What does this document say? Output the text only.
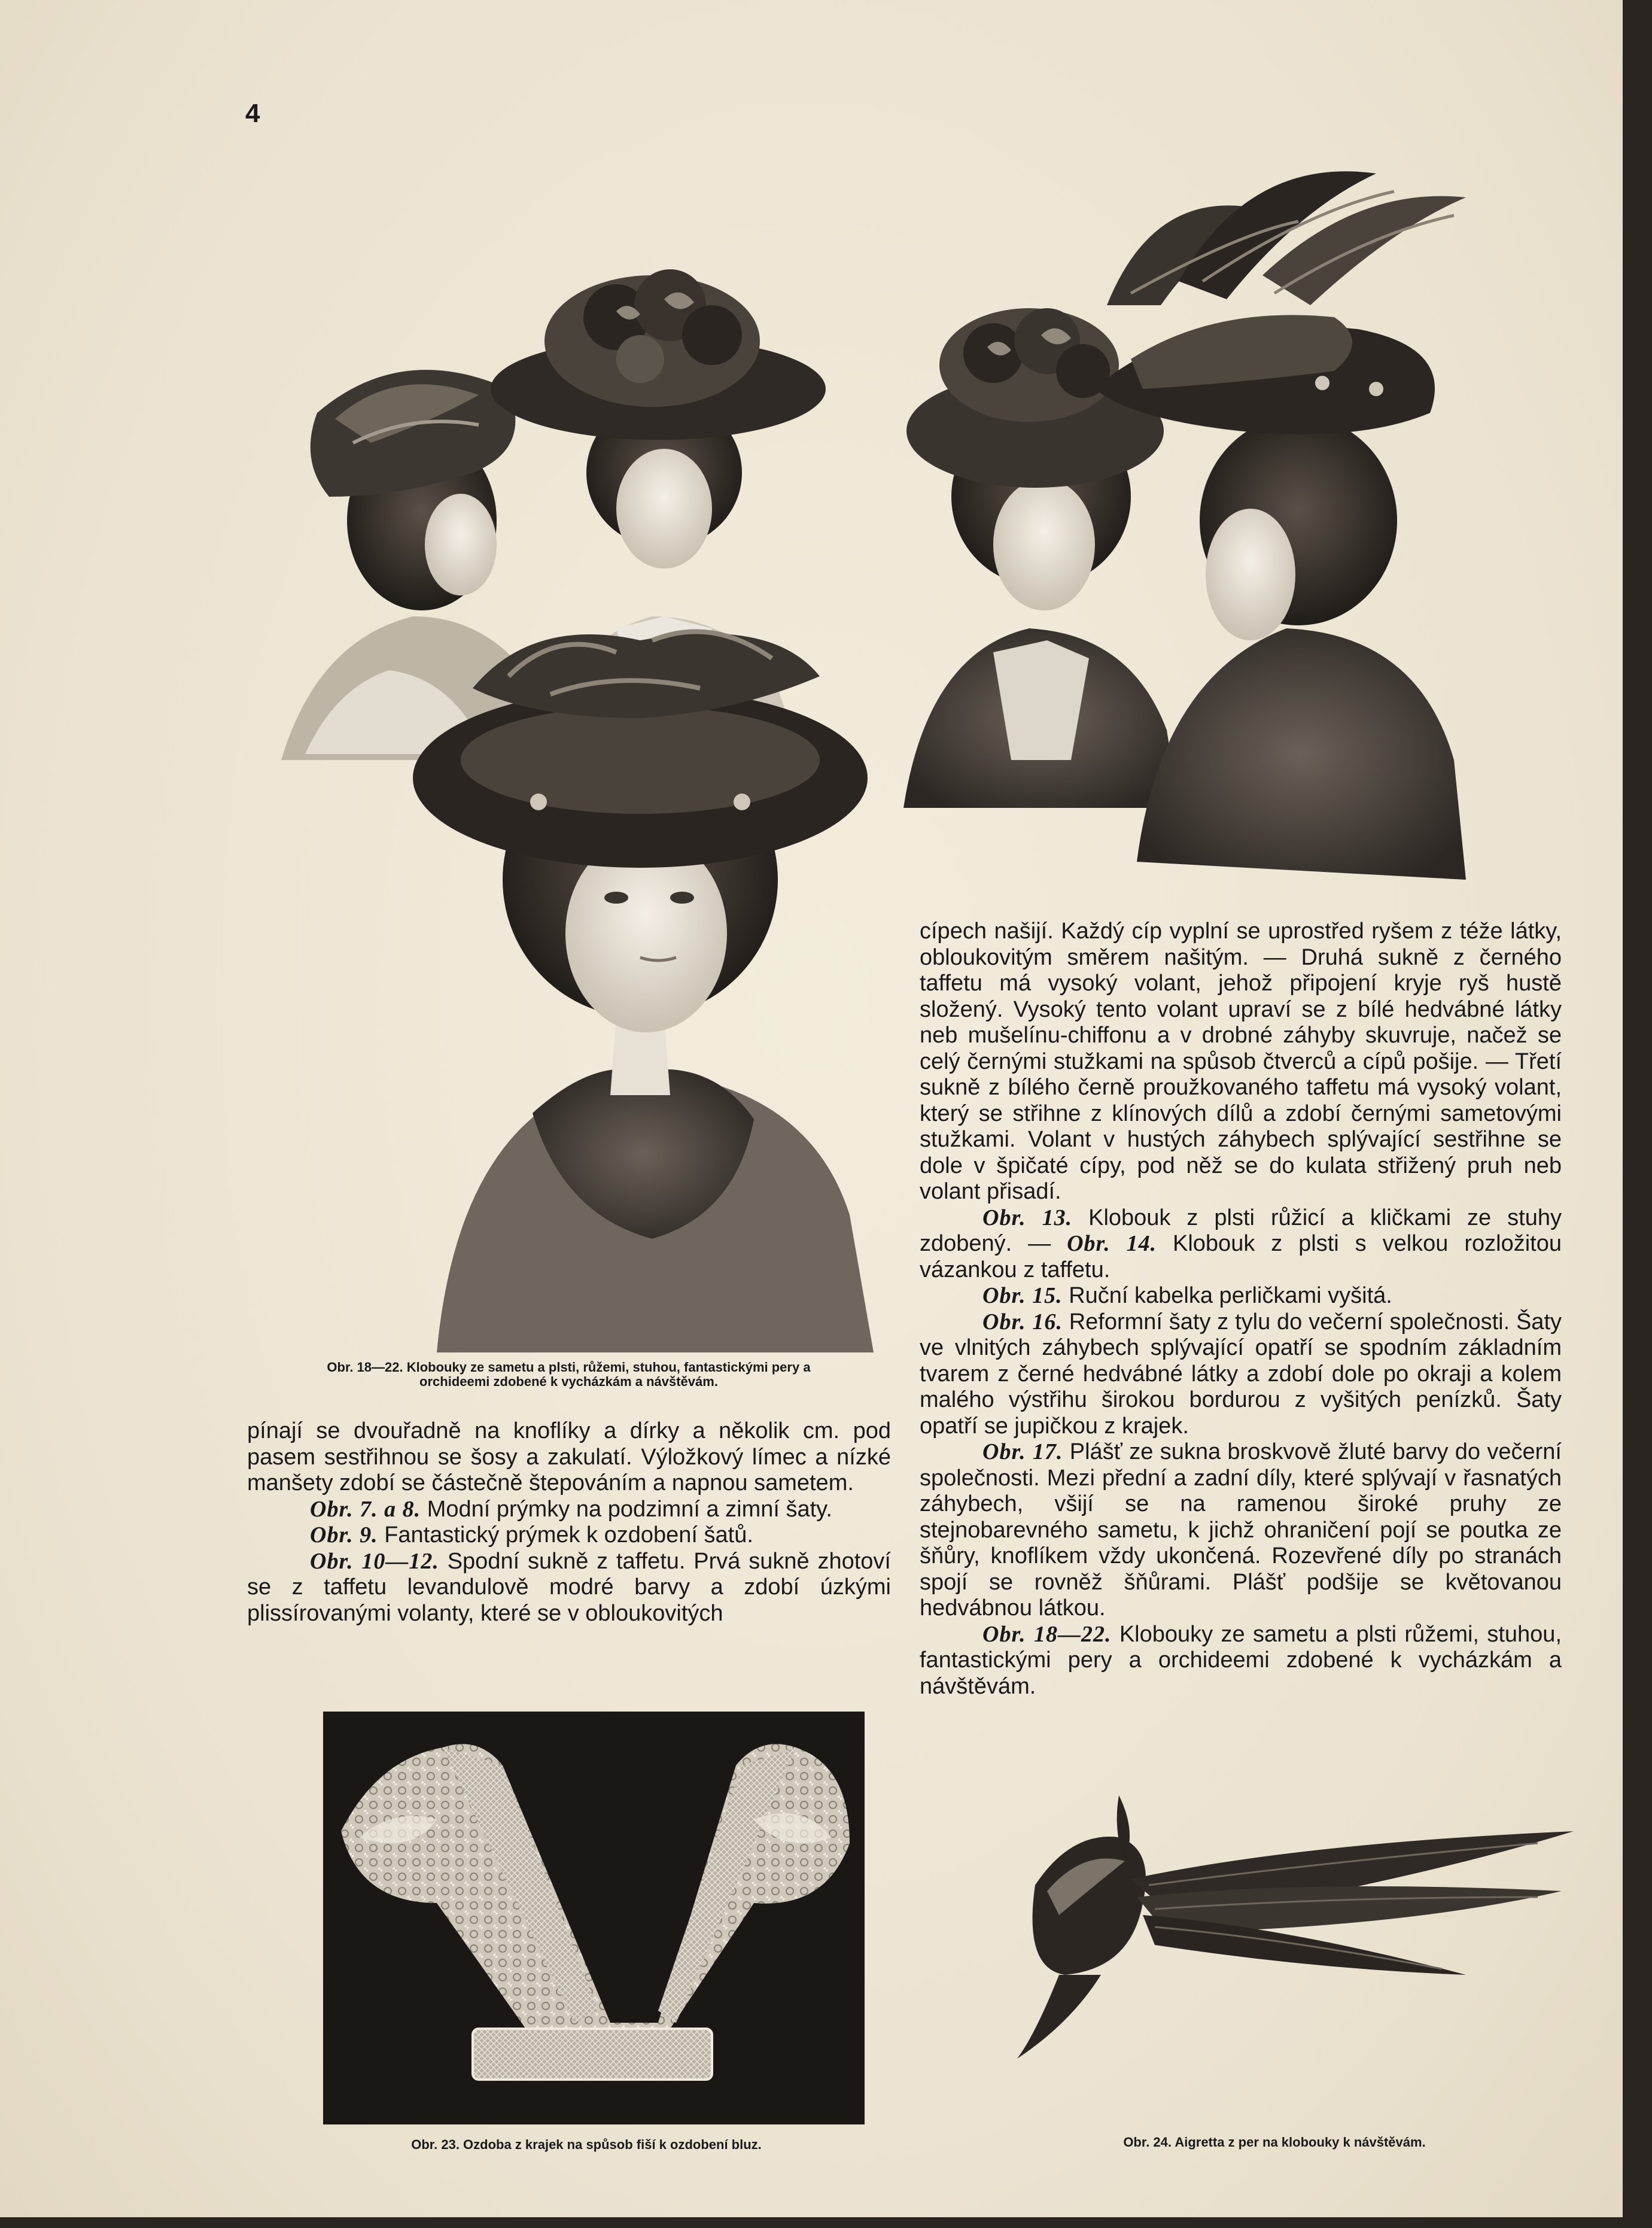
4
Obr. 18—22. Klobouky ze sametu a plsti, růžemi, stuhou, fantastickými pery a
orchideemi zdobené k vycházkám a návštěvám.

pínají se dvouřadně na knoflíky a dírky a několik cm. pod pasem sestřihnou se šosy a zakulatí. Výložkový límec a nízké manšety zdobí se částečně štepováním a napnou sametem.

Obr. 7. a 8. Modní prýmky na podzimní a zimní šaty.

Obr. 9. Fantastický prýmek k ozdobení šatů.

Obr. 10—12. Spodní sukně z taffetu. Prvá sukně zhotoví se z taffetu levandulově modré barvy a zdobí úzkými plissírovanými volanty, které se v obloukovitých

cípech našijí. Každý cíp vyplní se uprostřed ryšem z téže látky, obloukovitým směrem našitým. — Druhá sukně z černého taffetu má vysoký volant, jehož připojení kryje ryš hustě složený. Vysoký tento volant upraví se z bílé hedvábné látky neb mušelínu-chiffonu a v drobné záhyby skuvruje, načež se celý černými stužkami na spůsob čtverců a cípů pošije. — Třetí sukně z bílého černě proužkovaného taffetu má vysoký volant, který se střihne z klínových dílů a zdobí černými sametovými stužkami. Volant v hustých záhybech splývající sestřihne se dole v špičaté cípy, pod něž se do kulata střižený pruh neb volant přisadí.

Obr. 13. Klobouk z plsti růžicí a kličkami ze stuhy zdobený. — Obr. 14. Klobouk z plsti s velkou rozložitou vázankou z taffetu.

Obr. 15. Ruční kabelka perličkami vyšitá.

Obr. 16. Reformní šaty z tylu do večerní společnosti. Šaty ve vlnitých záhybech splývající opatří se spodním základním tvarem z černé hedvábné látky a zdobí dole po okraji a kolem malého výstřihu širokou bordurou z vyšitých penízků. Šaty opatří se jupičkou z krajek.

Obr. 17. Plášť ze sukna broskvově žluté barvy do večerní společnosti. Mezi přední a zadní díly, které splývají v řasnatých záhybech, všijí se na ramenou široké pruhy ze stejnobarevného sametu, k jichž ohraničení pojí se poutka ze šňůry, knoflíkem vždy ukončená. Rozevřené díly po stranách spojí se rovněž šňůrami. Plášť podšije se květovanou hedvábnou látkou.

Obr. 18—22. Klobouky ze sametu a plsti růžemi, stuhou, fantastickými pery a orchideemi zdobené k vycházkám a návštěvám.

Obr. 23. Ozdoba z krajek na spůsob fiší k ozdobení bluz.	Obr. 24. Aigretta z per na klobouky k návštěvám.
